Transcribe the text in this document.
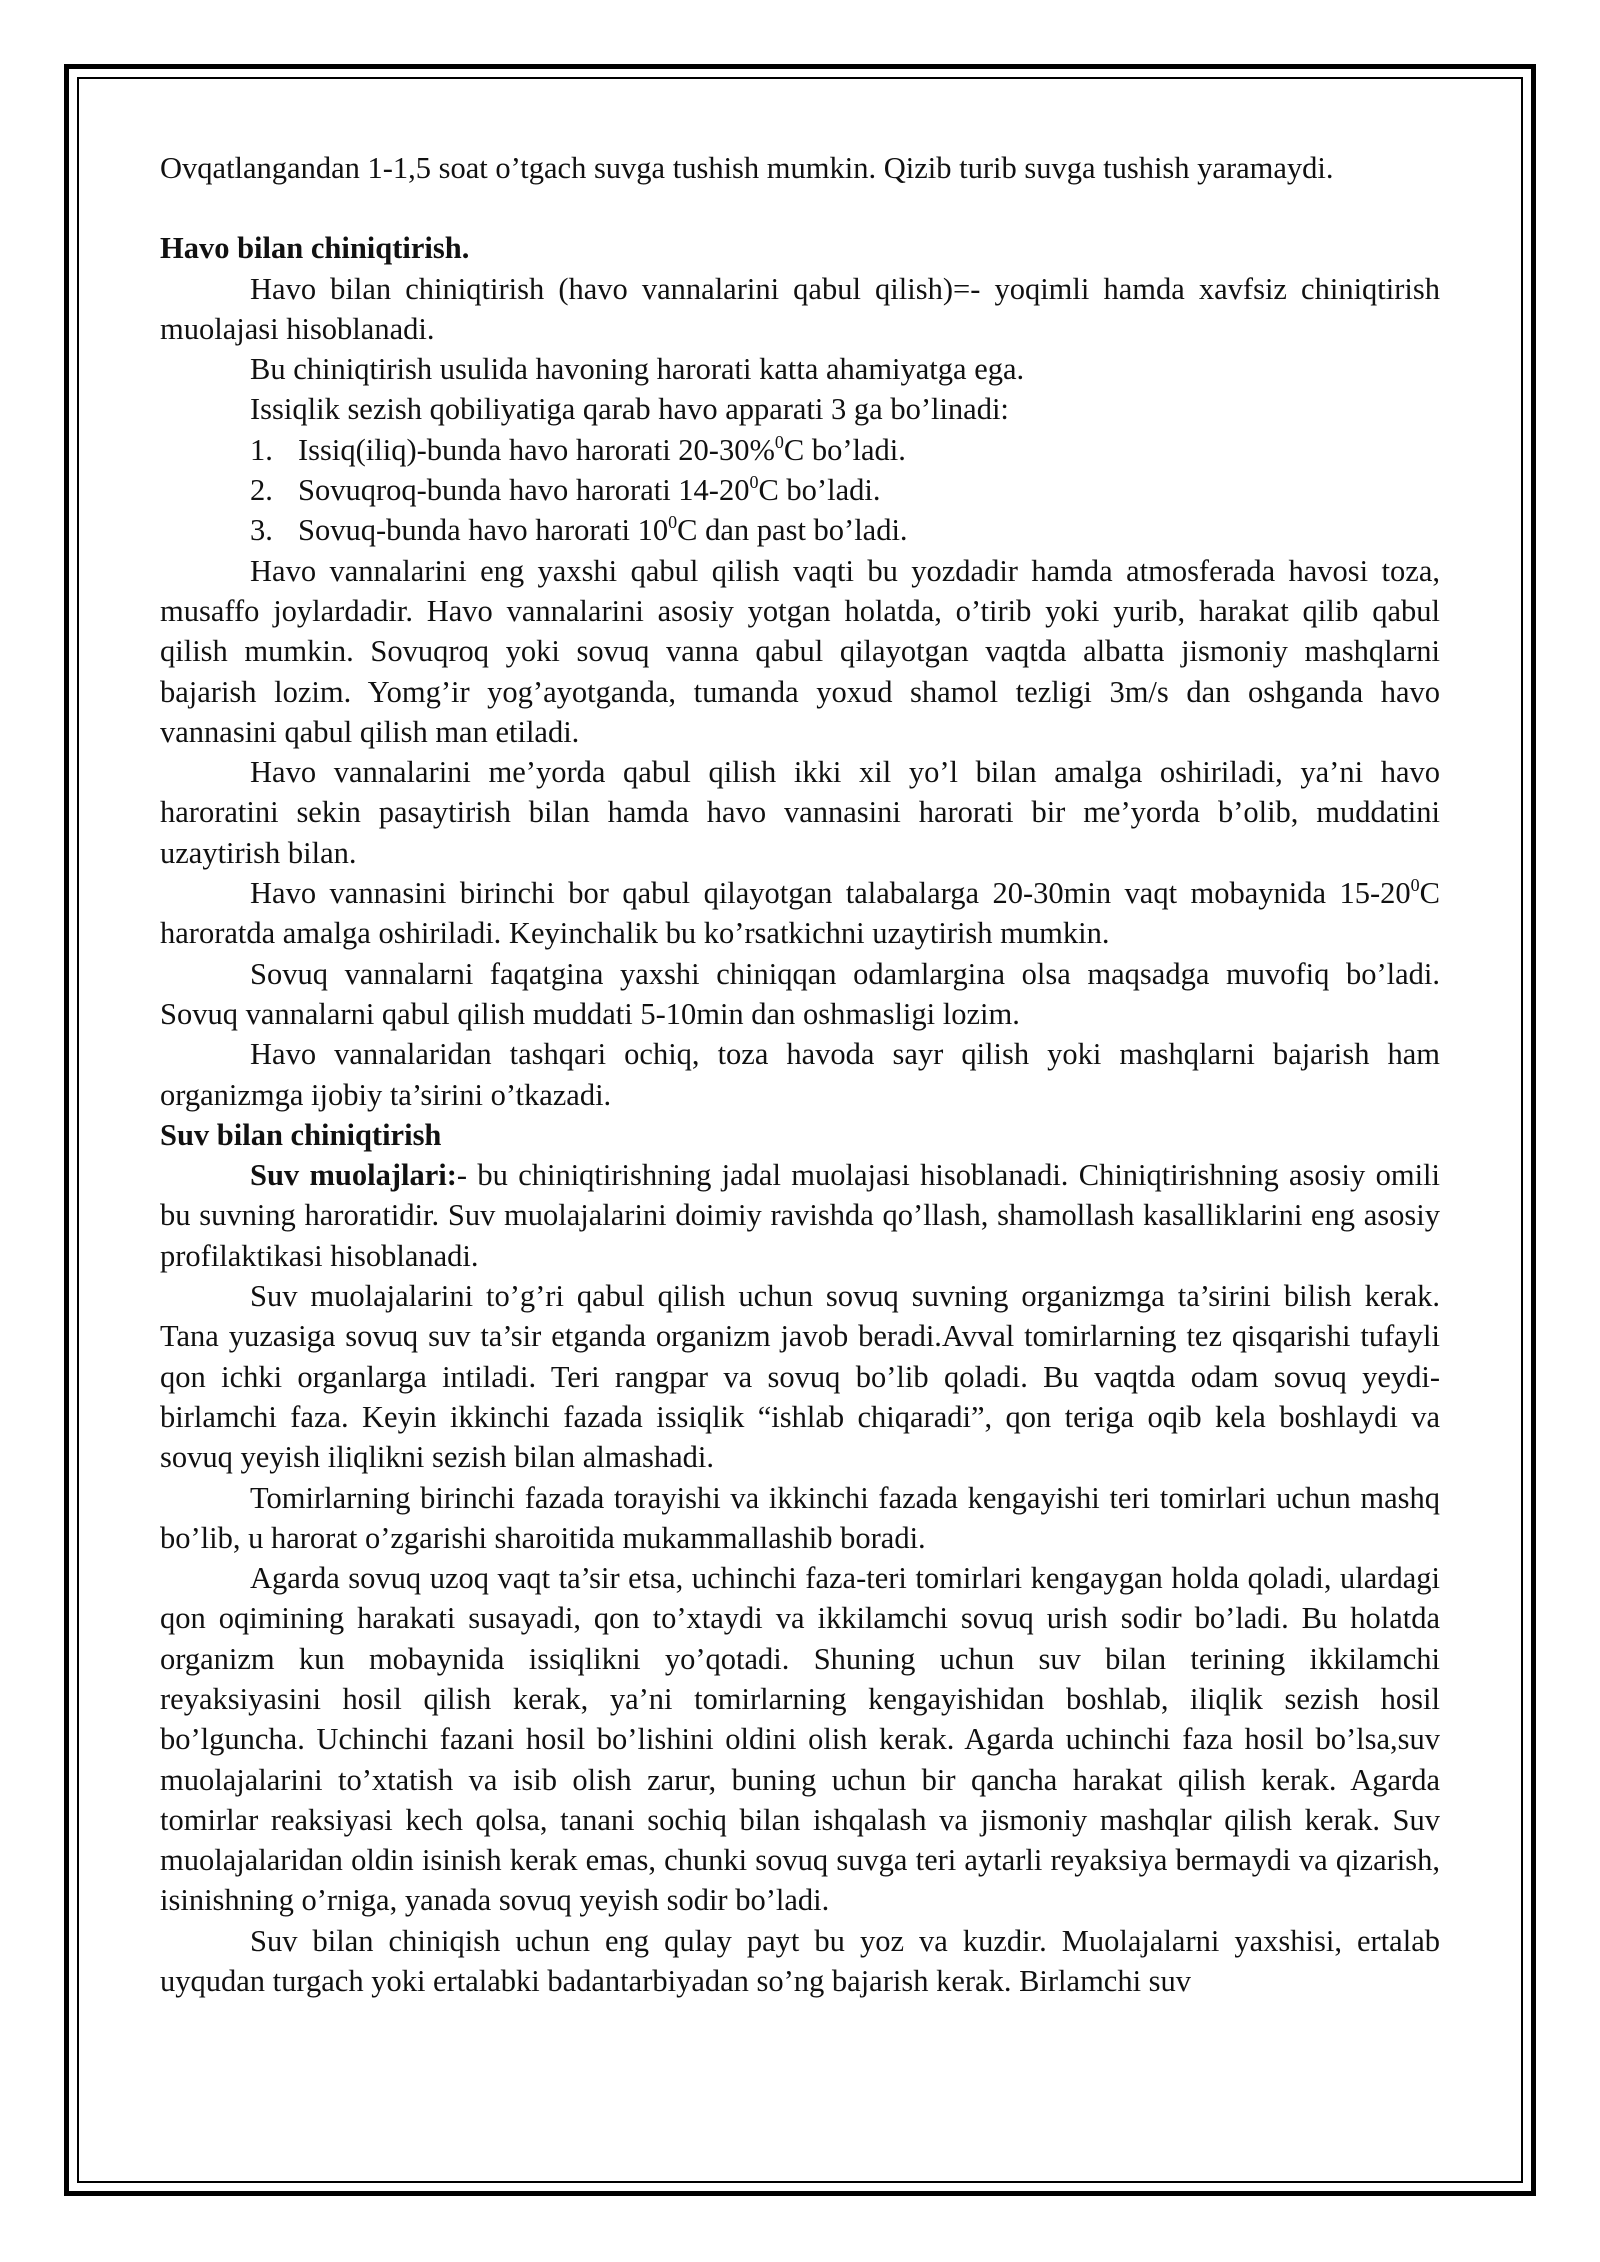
Ovqatlangandan 1-1,5 soat o’tgach suvga tushish mumkin. Qizib turib suvga tushish yaramaydi.

Havo bilan chiniqtirish.

Havo bilan chiniqtirish (havo vannalarini qabul qilish)=- yoqimli hamda xavfsiz chiniqtirish muolajasi hisoblanadi.

Bu chiniqtirish usulida havoning harorati katta ahamiyatga ega.

Issiqlik sezish qobiliyatiga qarab havo apparati 3 ga bo’linadi:

1. Issiq(iliq)-bunda havo harorati 20-30%$^0$C bo’ladi.
2. Sovuqroq-bunda havo harorati $14-20^0C$ bo’ladi.
3. Sovuq-bunda havo harorati $10^0C$ dan past bo’ladi.

Havo vannalarini eng yaxshi qabul qilish vaqti bu yozdadir hamda atmosferada havosi toza, musaffo joylardadir. Havo vannalarini asosiy yotgan holatda, o’tirib yoki yurib, harakat qilib qabul qilish mumkin. Sovuqroq yoki sovuq vanna qabul qilayotgan vaqtda albatta jismoniy mashqlarni bajarish lozim. Yomg’ir yog’ayotganda, tumanda yoxud shamol tezligi 3m/s dan oshganda havo vannasini qabul qilish man etiladi.

Havo vannalarini me’yorda qabul qilish ikki xil yo’l bilan amalga oshiriladi, ya’ni havo haroratini sekin pasaytirish bilan hamda havo vannasini harorati bir me’yorda b’olib, muddatini uzaytirish bilan.

Havo vannasini birinchi bor qabul qilayotgan talabalarga 20-30min vaqt mobaynida $15-20^0C$ haroratda amalga oshiriladi. Keyinchalik bu ko’rsatkichni uzaytirish mumkin.

Sovuq vannalarni faqatgina yaxshi chiniqqan odamlargina olsa maqsadga muvofiq bo’ladi. Sovuq vannalarni qabul qilish muddati 5-10min dan oshmasligi lozim.

Havo vannalaridan tashqari ochiq, toza havoda sayr qilish yoki mashqlarni bajarish ham organizmga ijobiy ta’sirini o’tkazadi.

Suv bilan chiniqtirish

Suv muolajlari:- bu chiniqtirishning jadal muolajasi hisoblanadi. Chiniqtirishning asosiy omili bu suvning haroratidir. Suv muolajalarini doimiy ravishda qo’llash, shamollash kasalliklarini eng asosiy profilaktikasi hisoblanadi.

Suv muolajalarini to’g’ri qabul qilish uchun sovuq suvning organizmga ta’sirini bilish kerak. Tana yuzasiga sovuq suv ta’sir etganda organizm javob beradi.Avval tomirlarning tez qisqarishi tufayli qon ichki organlarga intiladi. Teri rangpar va sovuq bo’lib qoladi. Bu vaqtda odam sovuq yeydi-birlamchi faza. Keyin ikkinchi fazada issiqlik “ishlab chiqaradi”, qon teriga oqib kela boshlaydi va sovuq yeyish iliqlikni sezish bilan almashadi.

Tomirlarning birinchi fazada torayishi va ikkinchi fazada kengayishi teri tomirlari uchun mashq bo’lib, u harorat o’zgarishi sharoitida mukammallashib boradi.

Agarda sovuq uzoq vaqt ta’sir etsa, uchinchi faza-teri tomirlari kengaygan holda qoladi, ulardagi qon oqimining harakati susayadi, qon to’xtaydi va ikkilamchi sovuq urish sodir bo’ladi. Bu holatda organizm kun mobaynida issiqlikni yo’qotadi. Shuning uchun suv bilan terining ikkilamchi reyaksiyasini hosil qilish kerak, ya’ni tomirlarning kengayishidan boshlab, iliqlik sezish hosil bo’lguncha. Uchinchi fazani hosil bo’lishini oldini olish kerak. Agarda uchinchi faza hosil bo’lsa,suv muolajalarini to’xtatish va isib olish zarur, buning uchun bir qancha harakat qilish kerak. Agarda tomirlar reaksiyasi kech qolsa, tanani sochiq bilan ishqalash va jismoniy mashqlar qilish kerak. Suv muolajalaridan oldin isinish kerak emas, chunki sovuq suvga teri aytarli reyaksiya bermaydi va qizarish, isinishning o’rniga, yanada sovuq yeyish sodir bo’ladi.

Suv bilan chiniqish uchun eng qulay payt bu yoz va kuzdir. Muolajalarni yaxshisi, ertalab uyqudan turgach yoki ertalabki badantarbiyadan so’ng bajarish kerak. Birlamchi suv
